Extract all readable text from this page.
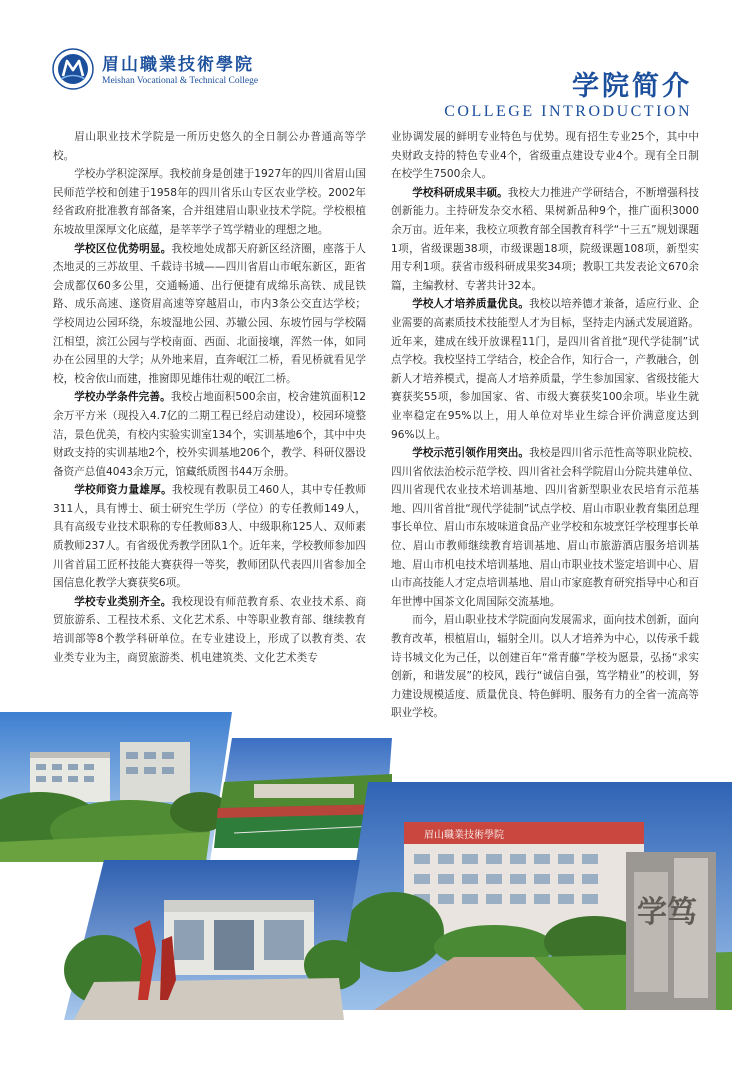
眉山職業技術學院
Meishan Vocational & Technical College	学院简介
COLLEGE INTRODUCTION

眉山职业技术学院是一所历史悠久的全日制公办普通高等学校。

学校办学积淀深厚。我校前身是创建于1927年的四川省眉山国民师范学校和创建于1958年的四川省乐山专区农业学校。2002年经省政府批准教育部备案，合并组建眉山职业技术学院。学校根植东坡故里深厚文化底蕴，是莘莘学子笃学精业的理想之地。

学校区位优势明显。我校地处成都天府新区经济圈，座落于人杰地灵的三苏故里、千载诗书城——四川省眉山市岷东新区，距省会成都仅60多公里，交通畅通、出行便捷有成绵乐高铁、成昆铁路、成乐高速、遂资眉高速等穿越眉山，市内3条公交直达学校；学校周边公园环绕，东坡湿地公园、苏辙公园、东坡竹园与学校隔江相望，滨江公园与学校南面、西面、北面接壤，浑然一体，如同办在公园里的大学；从外地来眉，直奔岷江二桥，看见桥就看见学校，校舍依山而建，推窗即见雄伟壮观的岷江二桥。

学校办学条件完善。我校占地面积500余亩，校舍建筑面积12余万平方米（现投入4.7亿的二期工程已经启动建设），校园环境整洁，景色优美，有校内实验实训室134个，实训基地6个，其中中央财政支持的实训基地2个，校外实训基地206个，教学、科研仪器设备资产总值4043余万元，馆藏纸质图书44万余册。

学校师资力量雄厚。我校现有教职员工460人，其中专任教师311人，具有博士、硕士研究生学历（学位）的专任教师149人，具有高级专业技术职称的专任教师83人、中级职称125人、双师素质教师237人。有省级优秀教学团队1个。近年来，学校教师参加四川省首届工匠杯技能大赛获得一等奖，教师团队代表四川省参加全国信息化教学大赛获奖6项。

学校专业类别齐全。我校现设有师范教育系、农业技术系、商贸旅游系、工程技术系、文化艺术系、中等职业教育部、继续教育培训部等8个教学科研单位。在专业建设上，形成了以教育类、农业类专业为主，商贸旅游类、机电建筑类、文化艺术类专

业协调发展的鲜明专业特色与优势。现有招生专业25个，其中中央财政支持的特色专业4个，省级重点建设专业4个。现有全日制在校学生7500余人。

学校科研成果丰硕。我校大力推进产学研结合，不断增强科技创新能力。主持研发杂交水稻、果树新品种9个，推广面积3000余万亩。近年来，我校立项教育部全国教育科学“十三五”规划课题1项，省级课题38项，市级课题18项，院级课题108项，新型实用专利1项。获省市级科研成果奖34项；教职工共发表论文670余篇，主编教材、专著共计32本。

学校人才培养质量优良。我校以培养德才兼备，适应行业、企业需要的高素质技术技能型人才为目标，坚持走内涵式发展道路。近年来，建成在线开放课程11门，是四川省首批“现代学徒制”试点学校。我校坚持工学结合，校企合作，知行合一，产教融合，创新人才培养模式，提高人才培养质量，学生参加国家、省级技能大赛获奖55项，参加国家、省、市级大赛获奖100余项。毕业生就业率稳定在95%以上，用人单位对毕业生综合评价满意度达到96%以上。

学校示范引领作用突出。我校是四川省示范性高等职业院校、四川省依法治校示范学校、四川省社会科学院眉山分院共建单位、四川省现代农业技术培训基地、四川省新型职业农民培育示范基地、四川省首批“现代学徒制”试点学校、眉山市职业教育集团总理事长单位、眉山市东坡味道食品产业学校和东坡烹饪学校理事长单位、眉山市教师继续教育培训基地、眉山市旅游酒店服务培训基地、眉山市机电技术培训基地、眉山市职业技术鉴定培训中心、眉山市高技能人才定点培训基地、眉山市家庭教育研究指导中心和百年世博中国茶文化周国际交流基地。

而今，眉山职业技术学院面向发展需求，面向技术创新，面向教育改革，根植眉山，辐射全川。以人才培养为中心，以传承千载诗书城文化为己任，以创建百年“常青藤”学校为愿景，弘扬“求实创新，和谐发展”的校风，践行“诚信自强，笃学精业”的校训，努力建设规模适度、质量优良、特色鲜明、服务有力的全省一流高等职业学校。

眉山職業技術學院
学笃
